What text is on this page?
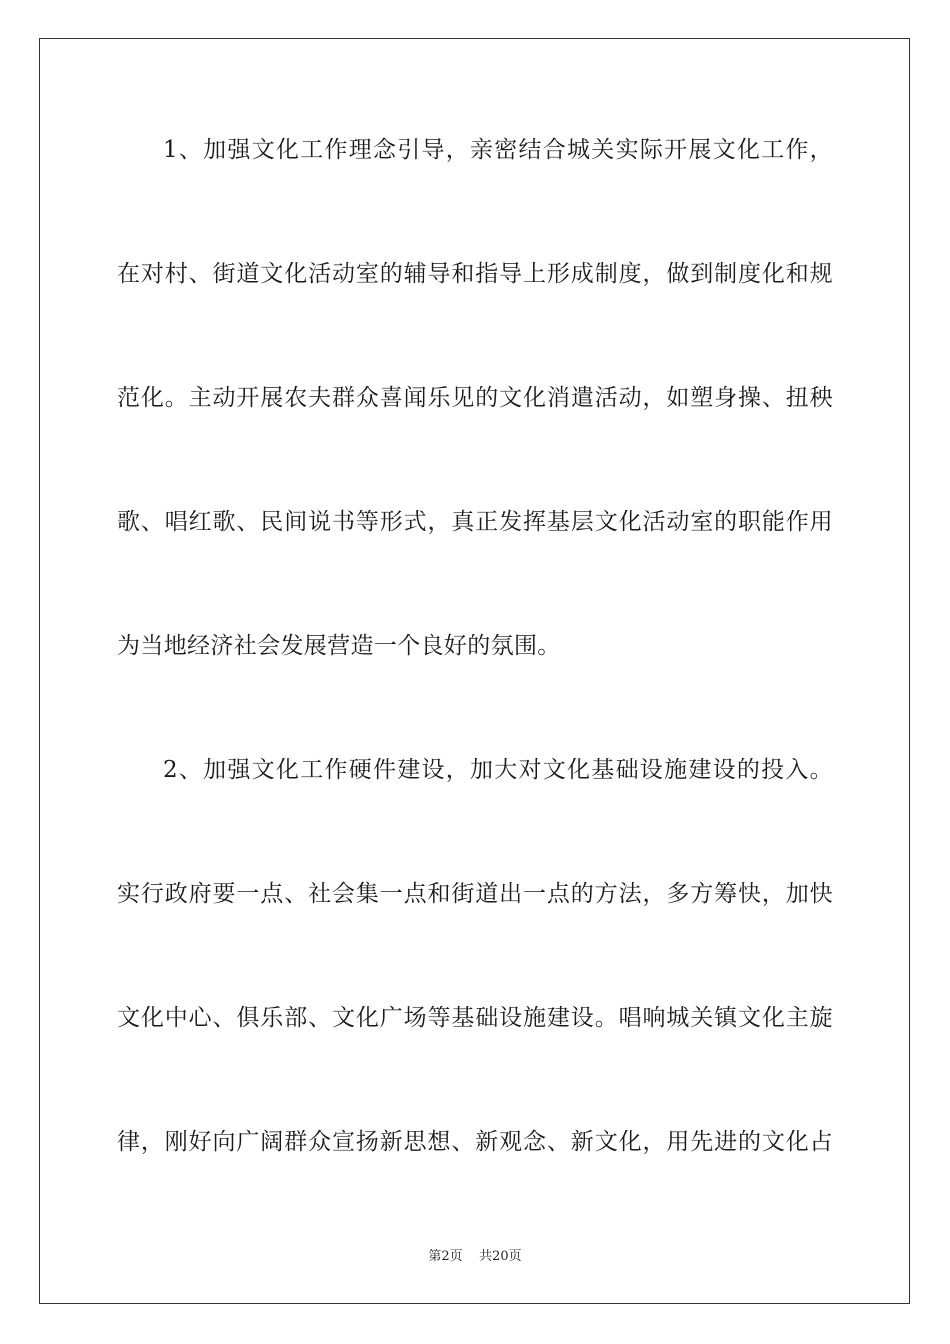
1、加强文化工作理念引导，亲密结合城关实际开展文化工作，
在对村、街道文化活动室的辅导和指导上形成制度，做到制度化和规
范化。主动开展农夫群众喜闻乐见的文化消遣活动，如塑身操、扭秧
歌、唱红歌、民间说书等形式，真正发挥基层文化活动室的职能作用
为当地经济社会发展营造一个良好的氛围。
2、加强文化工作硬件建设，加大对文化基础设施建设的投入。
实行政府要一点、社会集一点和街道出一点的方法，多方筹快，加快
文化中心、俱乐部、文化广场等基础设施建设。唱响城关镇文化主旋
律，刚好向广阔群众宣扬新思想、新观念、新文化，用先进的文化占
第2页 共20页
